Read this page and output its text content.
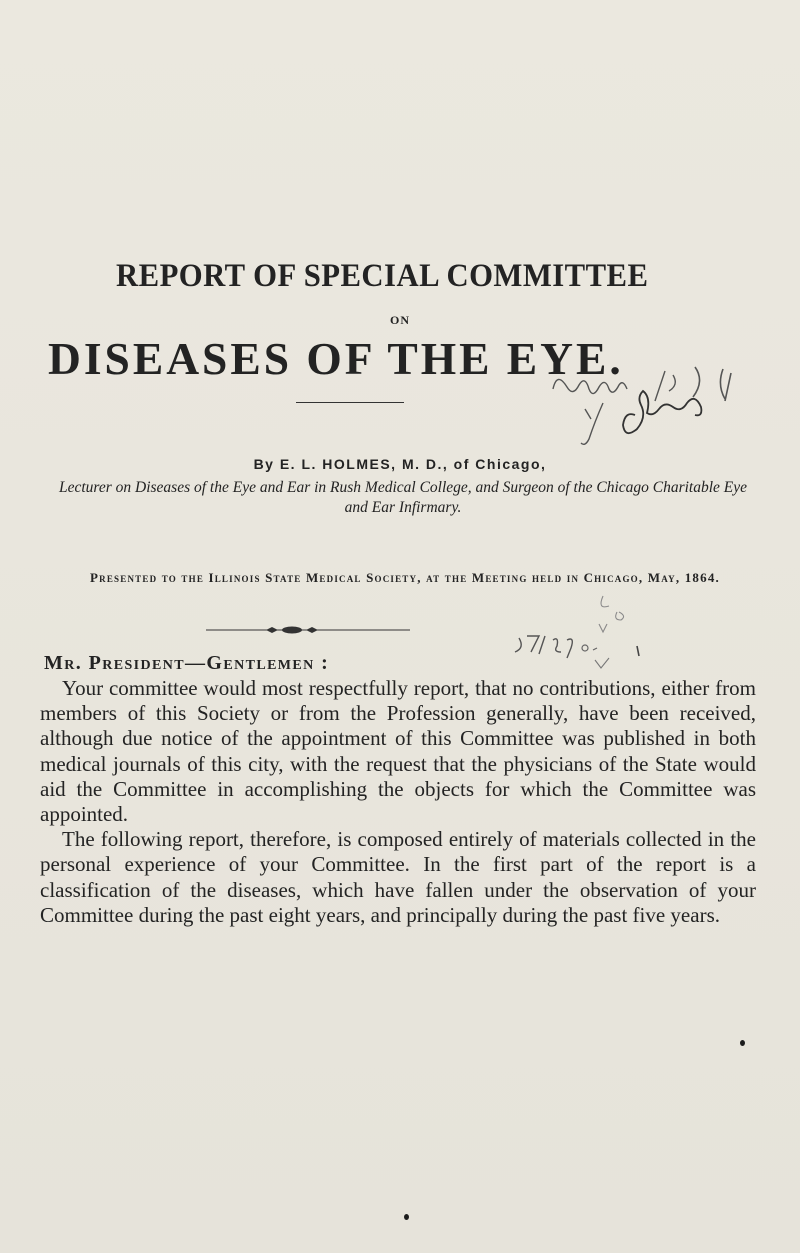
REPORT OF SPECIAL COMMITTEE
ON
DISEASES OF THE EYE.
By E. L. HOLMES, M. D., of Chicago,
Lecturer on Diseases of the Eye and Ear in Rush Medical College, and Surgeon of the Chicago Charitable Eye and Ear Infirmary.
Presented to the Illinois State Medical Society, at the Meeting held in Chicago, May, 1864.
Mr. President—Gentlemen :

Your committee would most respectfully report, that no contributions, either from members of this Society or from the Profession generally, have been received, although due notice of the appointment of this Committee was published in both medical journals of this city, with the request that the physicians of the State would aid the Committee in accomplishing the objects for which the Committee was appointed.

The following report, therefore, is composed entirely of materials collected in the personal experience of your Committee. In the first part of the report is a classification of the diseases, which have fallen under the observation of your Committee during the past eight years, and principally during the past five years.
